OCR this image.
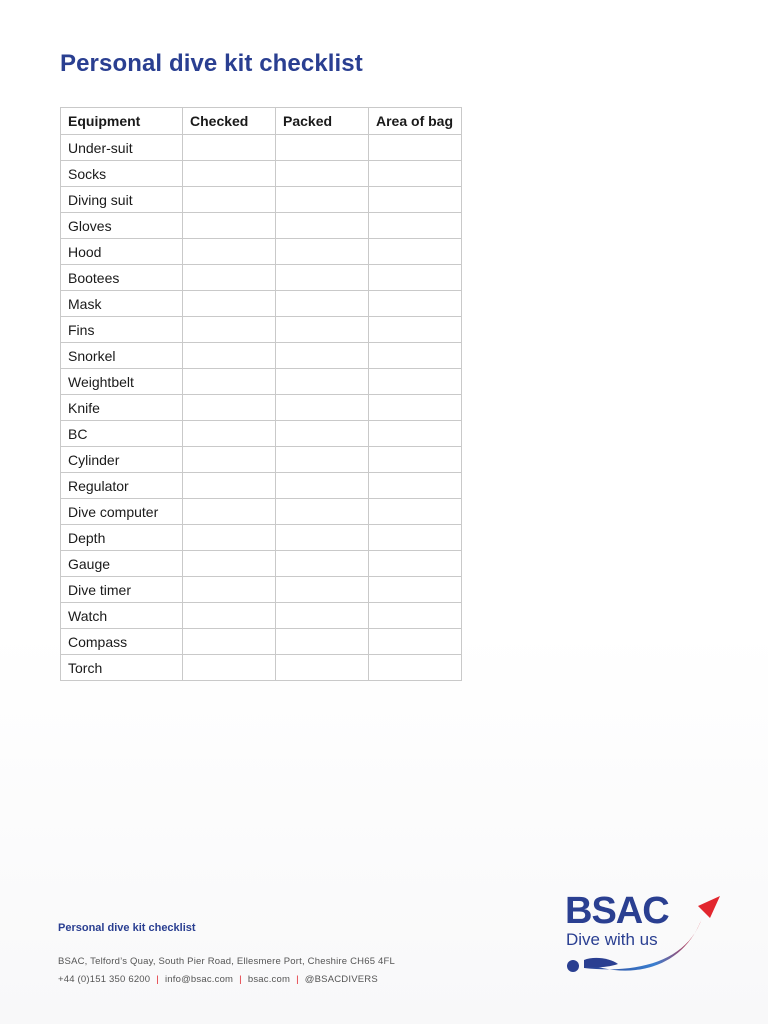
Personal dive kit checklist
Equipment	Checked	Packed	Area of bag
Under-suit			
Socks			
Diving suit			
Gloves			
Hood			
Bootees			
Mask			
Fins			
Snorkel			
Weightbelt			
Knife			
BC			
Cylinder			
Regulator			
Dive computer			
Depth			
Gauge			
Dive timer			
Watch			
Compass			
Torch			
Personal dive kit checklist
BSAC, Telford’s Quay, South Pier Road, Ellesmere Port, Cheshire CH65 4FL
+44 (0)151 350 6200 | info@bsac.com | bsac.com | @BSACDIVERS
BSAC
Dive with us
